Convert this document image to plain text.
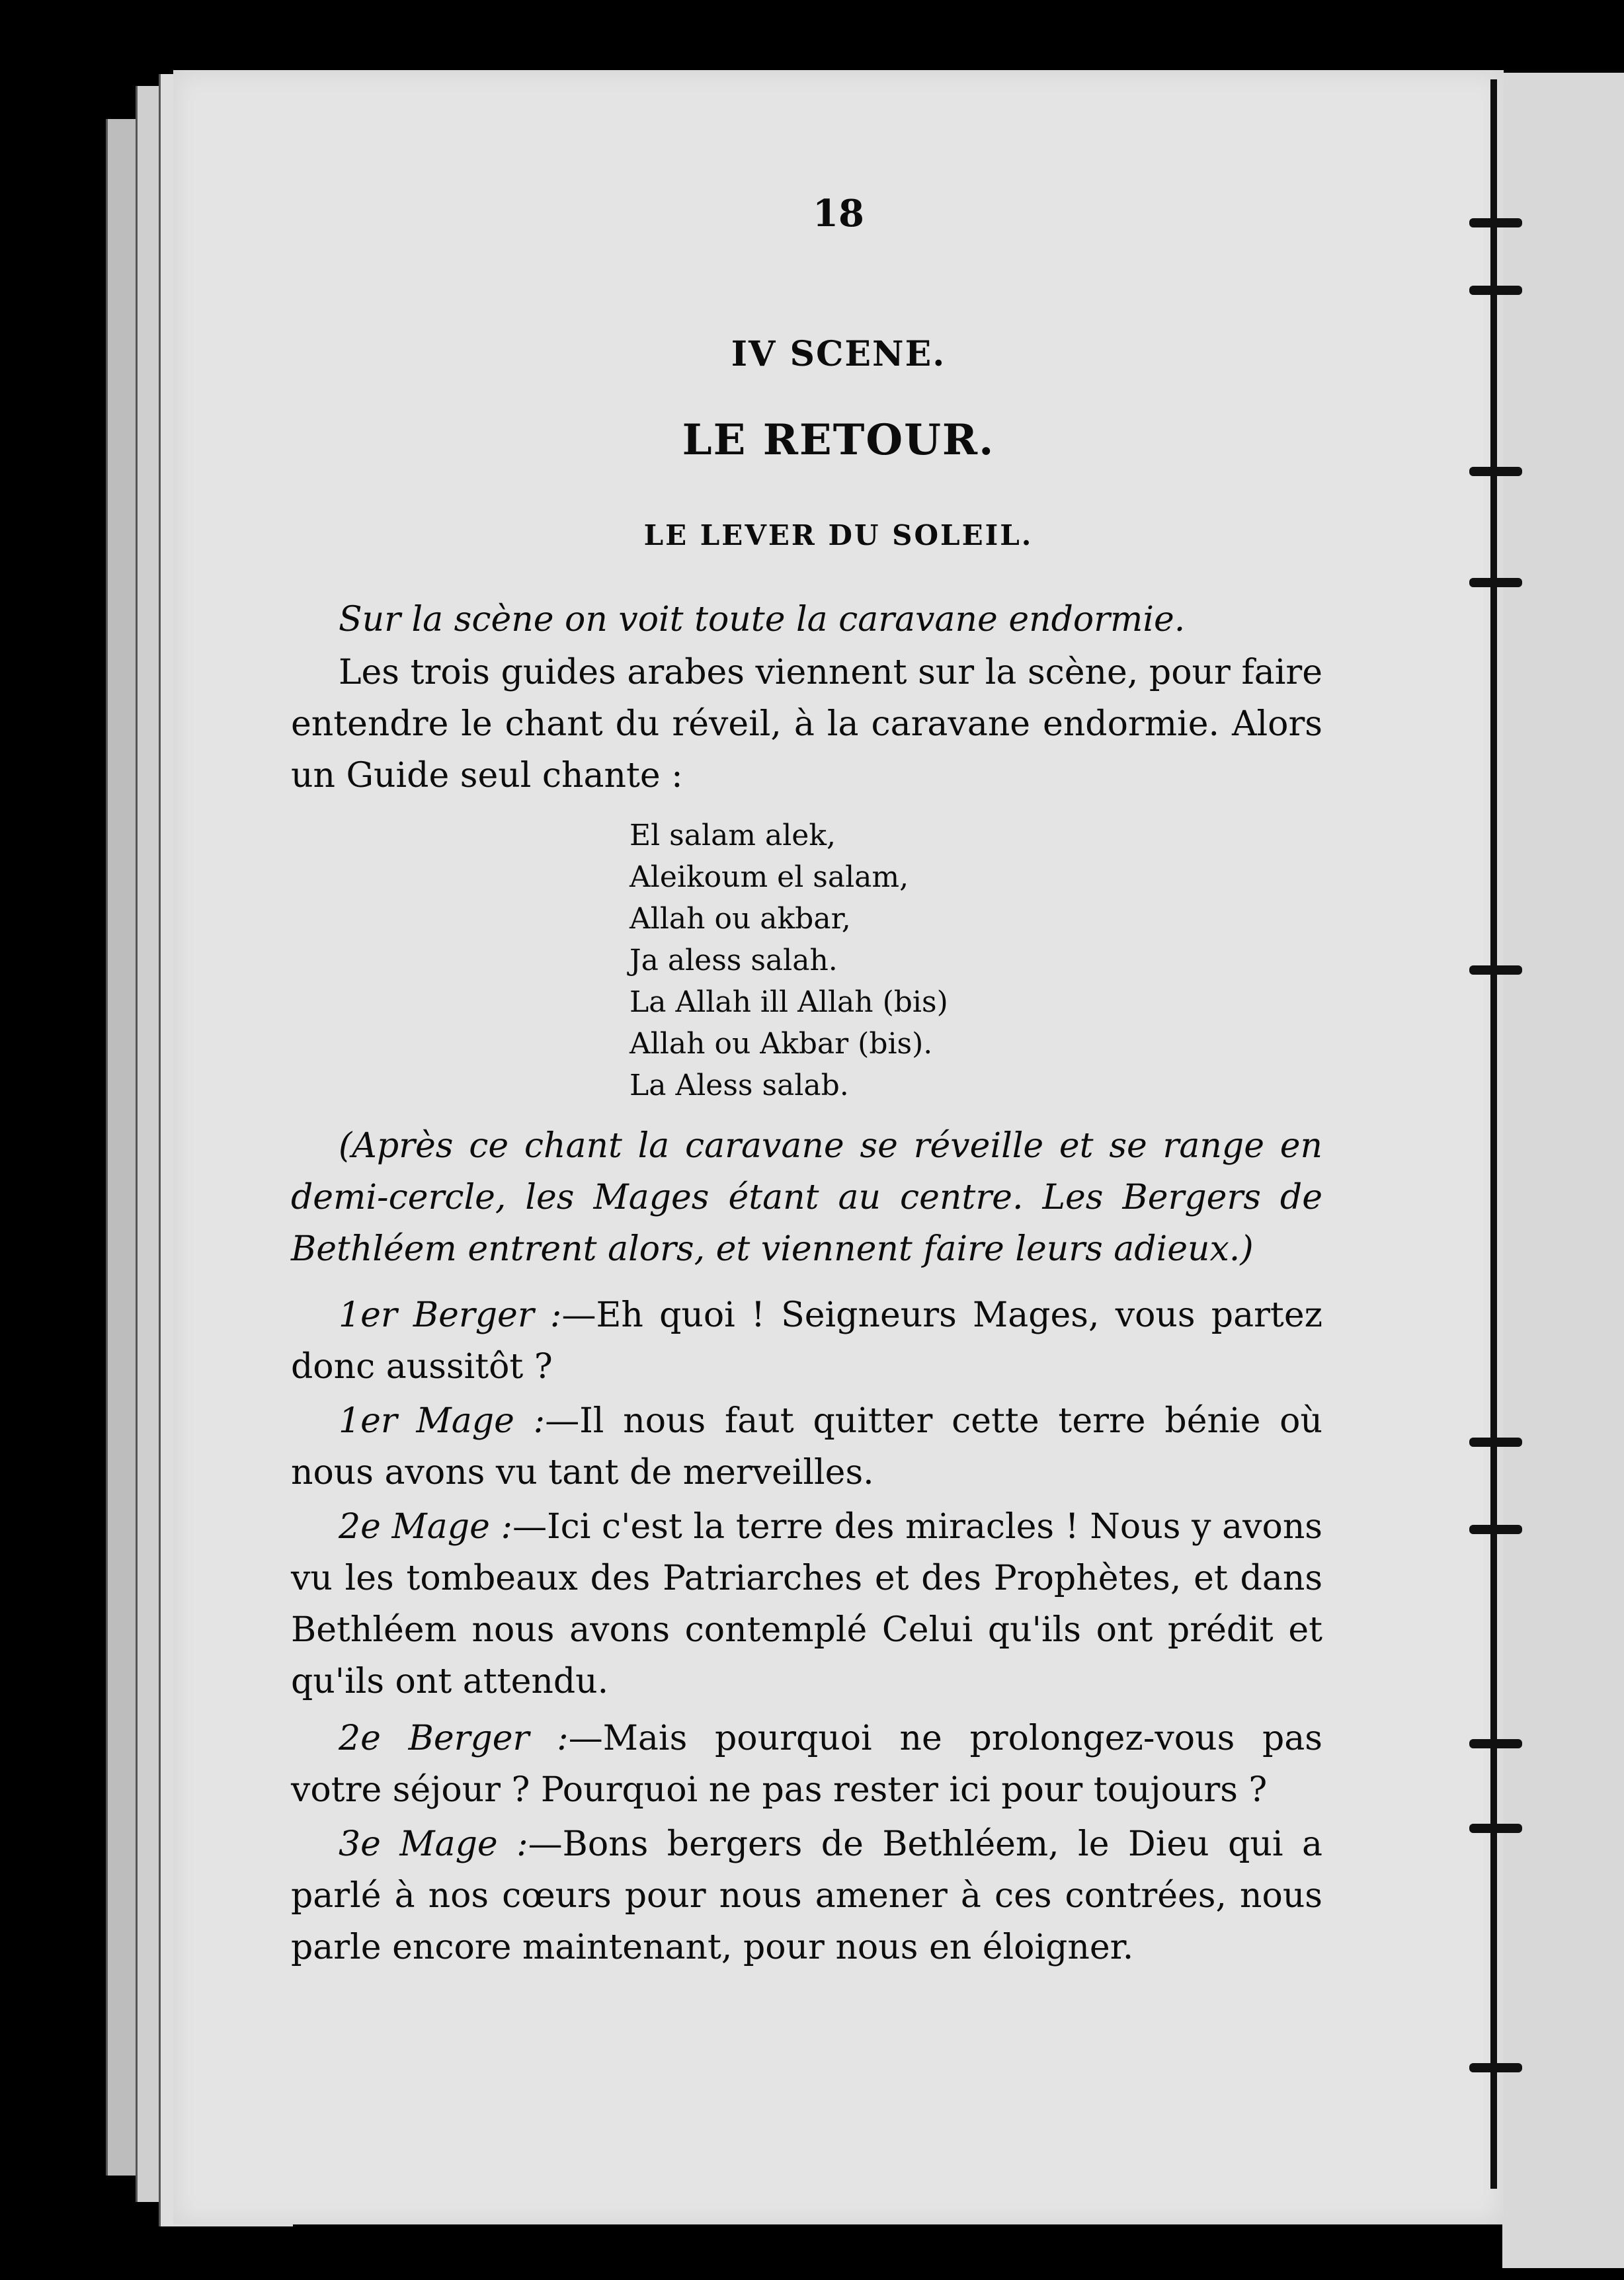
18
IV SCENE.
LE RETOUR.
LE LEVER DU SOLEIL.

Sur la scène on voit toute la caravane endormie.

Les trois guides arabes viennent sur la scène, pour faire entendre le chant du réveil, à la caravane endormie. Alors un Guide seul chante :

El salam alek,
Aleikoum el salam,
Allah ou akbar,
Ja aless salah.
La Allah ill Allah (bis)
Allah ou Akbar (bis).
La Aless salab.

(Après ce chant la caravane se réveille et se range en demi-cercle, les Mages étant au centre. Les Bergers de Bethléem entrent alors, et viennent faire leurs adieux.)

1er Berger :—Eh quoi ! Seigneurs Mages, vous partez donc aussitôt ?

1er Mage :—Il nous faut quitter cette terre bénie où nous avons vu tant de merveilles.

2e Mage :—Ici c'est la terre des miracles ! Nous y avons vu les tombeaux des Patriarches et des Prophètes, et dans Bethléem nous avons contemplé Celui qu'ils ont prédit et qu'ils ont attendu.

2e Berger :—Mais pourquoi ne prolongez-vous pas votre séjour ? Pourquoi ne pas rester ici pour toujours ?

3e Mage :—Bons bergers de Bethléem, le Dieu qui a parlé à nos cœurs pour nous amener à ces contrées, nous parle encore maintenant, pour nous en éloigner.
